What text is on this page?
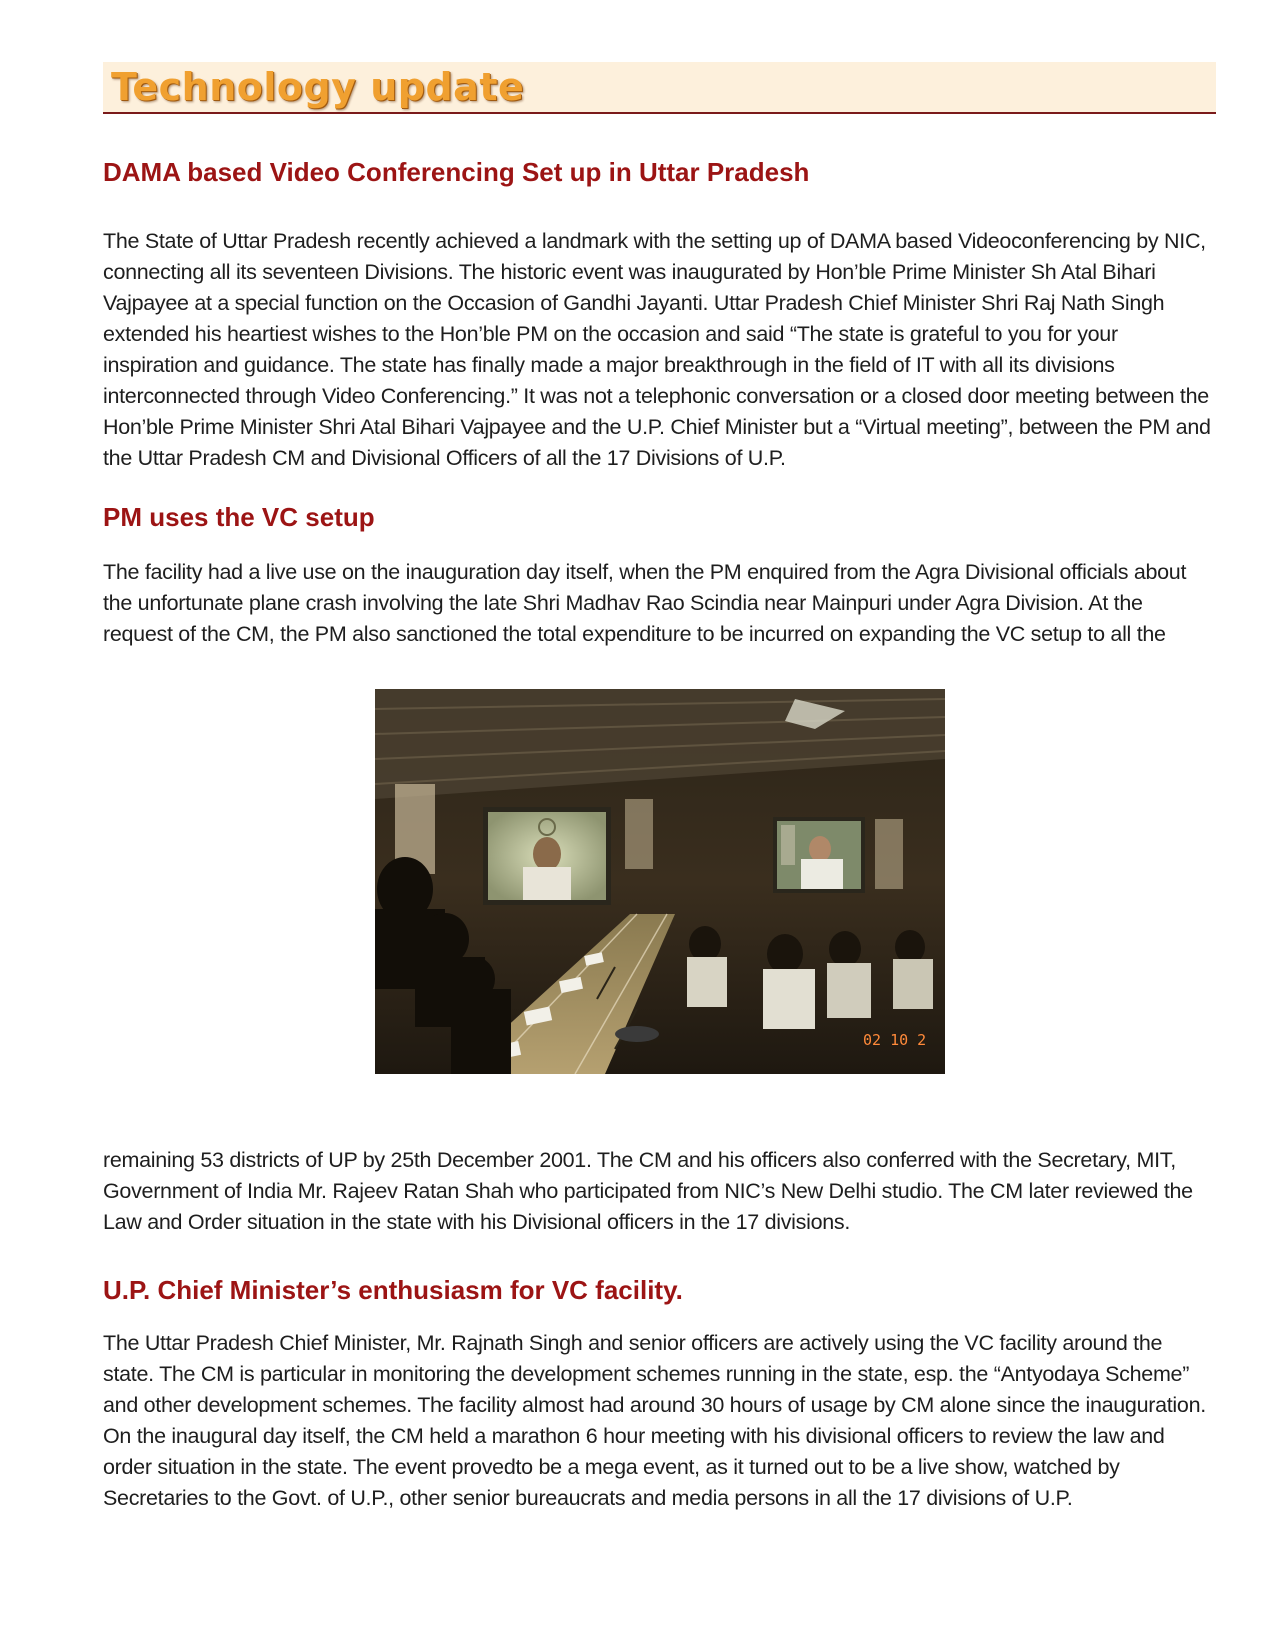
Technology update
DAMA based Video Conferencing Set up in Uttar Pradesh

The State of Uttar Pradesh recently achieved a landmark with the setting up of DAMA based Videoconferencing by NIC, connecting all its seventeen Divisions. The historic event was inaugurated by Hon’ble Prime Minister Sh Atal Bihari Vajpayee at a special function on the Occasion of Gandhi Jayanti. Uttar Pradesh Chief Minister Shri Raj Nath Singh extended his heartiest wishes to the Hon’ble PM on the occasion and said “The state is grateful to you for your inspiration and guidance. The state has finally made a major breakthrough in the field of IT with all its divisions interconnected through Video Conferencing.” It was not a telephonic conversation or a closed door meeting between the Hon’ble Prime Minister Shri Atal Bihari Vajpayee and the U.P. Chief Minister but a “Virtual meeting”, between the PM and the Uttar Pradesh CM and Divisional Officers of all the 17 Divisions of U.P.

PM uses the VC setup

The facility had a live use on the inauguration day itself, when the PM enquired from the Agra Divisional officials about the unfortunate plane crash involving the late Shri Madhav Rao Scindia near Mainpuri under Agra Division. At the request of the CM, the PM also sanctioned the total expenditure to be incurred on expanding the VC setup to all the

02 10 2

remaining 53 districts of UP by 25th December 2001. The CM and his officers also conferred with the Secretary, MIT, Government of India Mr. Rajeev Ratan Shah who participated from NIC’s New Delhi studio. The CM later reviewed the Law and Order situation in the state with his Divisional officers in the 17 divisions.

U.P. Chief Minister’s enthusiasm for VC facility.

The Uttar Pradesh Chief Minister, Mr. Rajnath Singh and senior officers are actively using the VC facility around the state. The CM is particular in monitoring the development schemes running in the state, esp. the “Antyodaya Scheme” and other development schemes. The facility almost had around 30 hours of usage by CM alone since the inauguration. On the inaugural day itself, the CM held a marathon 6 hour meeting with his divisional officers to review the law and order situation in the state. The event provedto be a mega event, as it turned out to be a live show, watched by Secretaries to the Govt. of U.P., other senior bureaucrats and media persons in all the 17 divisions of U.P.
